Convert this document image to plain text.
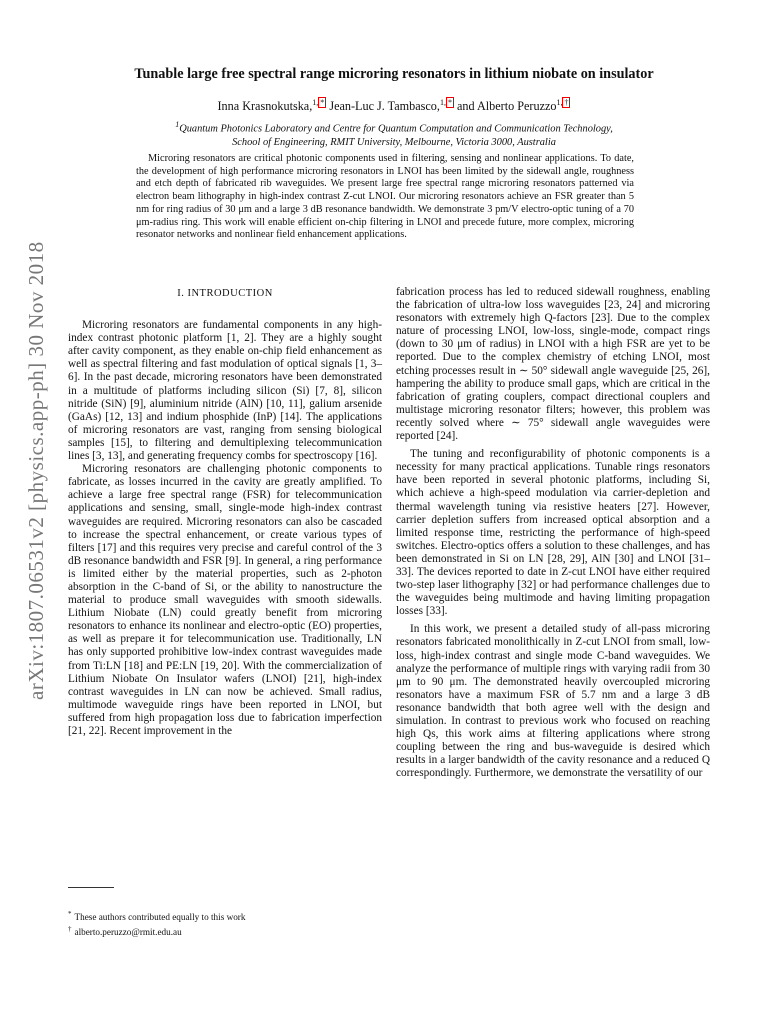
arXiv:1807.06531v2 [physics.app-ph] 30 Nov 2018
Tunable large free spectral range microring resonators in lithium niobate on insulator
Inna Krasnokutska,$^{1,}$ * Jean-Luc J. Tambasco,$^{1,}$ * and Alberto Peruzzo$^{1,}$ †
$^1$Quantum Photonics Laboratory and Centre for Quantum Computation and Communication Technology,
School of Engineering, RMIT University, Melbourne, Victoria 3000, Australia

Microring resonators are critical photonic components used in filtering, sensing and nonlinear applications. To date, the development of high performance microring resonators in LNOI has been limited by the sidewall angle, roughness and etch depth of fabricated rib waveguides. We present large free spectral range microring resonators patterned via electron beam lithography in high-index contrast Z-cut LNOI. Our microring resonators achieve an FSR greater than 5 nm for ring radius of 30 μm and a large 3 dB resonance bandwidth. We demonstrate 3 pm/V electro-optic tuning of a 70 μm-radius ring. This work will enable efficient on-chip filtering in LNOI and precede future, more complex, microring resonator networks and nonlinear field enhancement applications.

I. INTRODUCTION

Microring resonators are fundamental components in any high-index contrast photonic platform [1, 2]. They are a highly sought after cavity component, as they enable on-chip field enhancement as well as spectral filtering and fast modulation of optical signals [1, 3–6]. In the past decade, microring resonators have been demonstrated in a multitude of platforms including silicon (Si) [7, 8], silicon nitride (SiN) [9], aluminium nitride (AlN) [10, 11], galium arsenide (GaAs) [12, 13] and indium phosphide (InP) [14]. The applications of microring resonators are vast, ranging from sensing biological samples [15], to filtering and demultiplexing telecommunication lines [3, 13], and generating frequency combs for spectroscopy [16].

Microring resonators are challenging photonic components to fabricate, as losses incurred in the cavity are greatly amplified. To achieve a large free spectral range (FSR) for telecommunication applications and sensing, small, single-mode high-index contrast waveguides are required. Microring resonators can also be cascaded to increase the spectral enhancement, or create various types of filters [17] and this requires very precise and careful control of the 3 dB resonance bandwidth and FSR [9]. In general, a ring performance is limited either by the material properties, such as 2-photon absorption in the C-band of Si, or the ability to nanostructure the material to produce small waveguides with smooth sidewalls. Lithium Niobate (LN) could greatly benefit from microring resonators to enhance its nonlinear and electro-optic (EO) properties, as well as prepare it for telecommunication use. Traditionally, LN has only supported prohibitive low-index contrast waveguides made from Ti:LN [18] and PE:LN [19, 20]. With the commercialization of Lithium Niobate On Insulator wafers (LNOI) [21], high-index contrast waveguides in LN can now be achieved. Small radius, multimode waveguide rings have been reported in LNOI, but suffered from high propagation loss due to fabrication imperfection [21, 22]. Recent improvement in the

fabrication process has led to reduced sidewall roughness, enabling the fabrication of ultra-low loss waveguides [23, 24] and microring resonators with extremely high Q-factors [23]. Due to the complex nature of processing LNOI, low-loss, single-mode, compact rings (down to 30 μm of radius) in LNOI with a high FSR are yet to be reported. Due to the complex chemistry of etching LNOI, most etching processes result in ∼ 50° sidewall angle waveguide [25, 26], hampering the ability to produce small gaps, which are critical in the fabrication of grating couplers, compact directional couplers and multistage microring resonator filters; however, this problem was recently solved where ∼ 75° sidewall angle waveguides were reported [24].

The tuning and reconfigurability of photonic components is a necessity for many practical applications. Tunable rings resonators have been reported in several photonic platforms, including Si, which achieve a high-speed modulation via carrier-depletion and thermal wavelength tuning via resistive heaters [27]. However, carrier depletion suffers from increased optical absorption and a limited response time, restricting the performance of high-speed switches. Electro-optics offers a solution to these challenges, and has been demonstrated in Si on LN [28, 29], AlN [30] and LNOI [31–33]. The devices reported to date in Z-cut LNOI have either required two-step laser lithography [32] or had performance challenges due to the waveguides being multimode and having limiting propagation losses [33].

In this work, we present a detailed study of all-pass microring resonators fabricated monolithically in Z-cut LNOI from small, low-loss, high-index contrast and single mode C-band waveguides. We analyze the performance of multiple rings with varying radii from 30 μm to 90 μm. The demonstrated heavily overcoupled microring resonators have a maximum FSR of 5.7 nm and a large 3 dB resonance bandwidth that both agree well with the design and simulation. In contrast to previous work who focused on reaching high Qs, this work aims at filtering applications where strong coupling between the ring and bus-waveguide is desired which results in a larger bandwidth of the cavity resonance and a reduced Q correspondingly. Furthermore, we demonstrate the versatility of our

* These authors contributed equally to this work
† alberto.peruzzo@rmit.edu.au
